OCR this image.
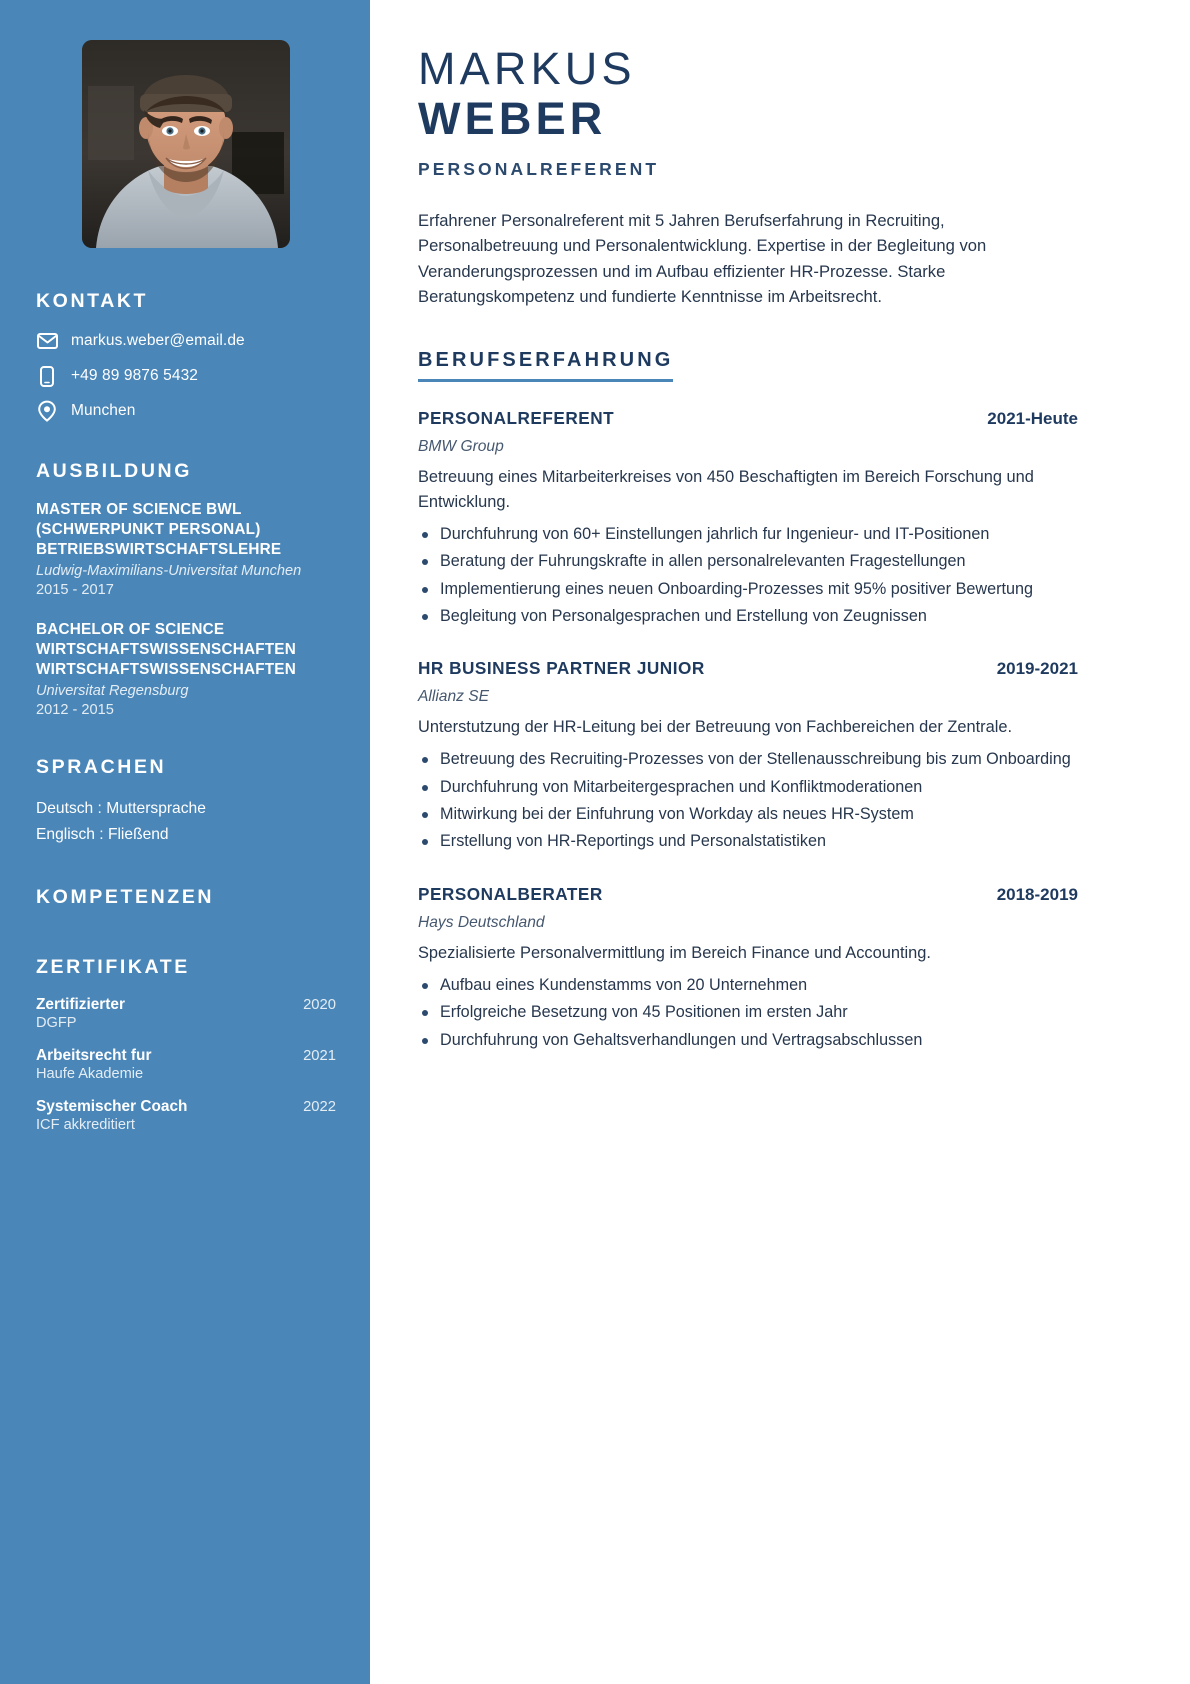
KONTAKT
markus.weber@email.de
+49 89 9876 5432
Munchen
AUSBILDUNG
MASTER OF SCIENCE BWL (SCHWERPUNKT PERSONAL) BETRIEBSWIRTSCHAFTSLEHRE
Ludwig-Maximilians-Universitat Munchen
2015 - 2017
BACHELOR OF SCIENCE WIRTSCHAFTSWISSENSCHAFTEN WIRTSCHAFTSWISSENSCHAFTEN
Universitat Regensburg
2012 - 2015
SPRACHEN
Deutsch : Muttersprache
Englisch : Fließend
KOMPETENZEN
ZERTIFIKATE
Zertifizierter	2020
DGFP
Arbeitsrecht fur	2021
Haufe Akademie
Systemischer Coach	2022
ICF akkreditiert
MARKUS
WEBER
PERSONALREFERENT

Erfahrener Personalreferent mit 5 Jahren Berufserfahrung in Recruiting, Personalbetreuung und Personalentwicklung. Expertise in der Begleitung von Veranderungsprozessen und im Aufbau effizienter HR-Prozesse. Starke Beratungskompetenz und fundierte Kenntnisse im Arbeitsrecht.

BERUFSERFAHRUNG
PERSONALREFERENT	2021-Heute
BMW Group
Betreuung eines Mitarbeiterkreises von 450 Beschaftigten im Bereich Forschung und Entwicklung.
Durchfuhrung von 60+ Einstellungen jahrlich fur Ingenieur- und IT-Positionen
Beratung der Fuhrungskrafte in allen personalrelevanten Fragestellungen
Implementierung eines neuen Onboarding-Prozesses mit 95% positiver Bewertung
Begleitung von Personalgesprachen und Erstellung von Zeugnissen
HR BUSINESS PARTNER JUNIOR	2019-2021
Allianz SE
Unterstutzung der HR-Leitung bei der Betreuung von Fachbereichen der Zentrale.
Betreuung des Recruiting-Prozesses von der Stellenausschreibung bis zum Onboarding
Durchfuhrung von Mitarbeitergesprachen und Konfliktmoderationen
Mitwirkung bei der Einfuhrung von Workday als neues HR-System
Erstellung von HR-Reportings und Personalstatistiken
PERSONALBERATER	2018-2019
Hays Deutschland
Spezialisierte Personalvermittlung im Bereich Finance und Accounting.
Aufbau eines Kundenstamms von 20 Unternehmen
Erfolgreiche Besetzung von 45 Positionen im ersten Jahr
Durchfuhrung von Gehaltsverhandlungen und Vertragsabschlussen
